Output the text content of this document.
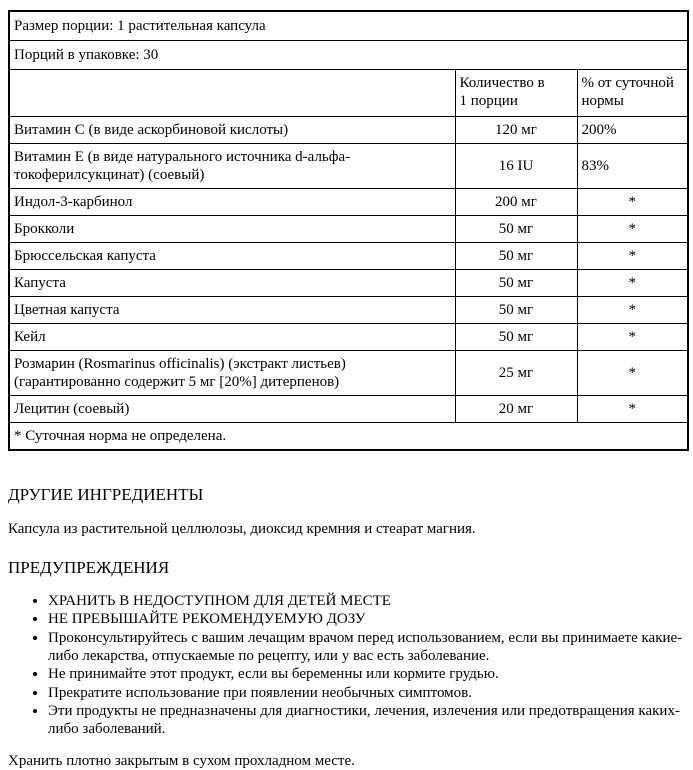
Размер порции: 1 растительная капсула		
Порций в упаковке: 30		
	Количество в 1 порции	% от суточной нормы
Витамин C (в виде аскорбиновой кислоты)	120 мг	200%
Витамин E (в виде натурального источника d-альфа-токоферилсукцинат) (соевый)	16 IU	83%
Индол-3-карбинол	200 мг	*
Брокколи	50 мг	*
Брюссельская капуста	50 мг	*
Капуста	50 мг	*
Цветная капуста	50 мг	*
Кейл	50 мг	*
Розмарин (Rosmarinus officinalis) (экстракт листьев) (гарантированно содержит 5 мг [20%] дитерпенов)	25 мг	*
Лецитин (соевый)	20 мг	*
* Суточная норма не определена.		
ДРУГИЕ ИНГРЕДИЕНТЫ

Капсула из растительной целлюлозы, диоксид кремния и стеарат магния.

ПРЕДУПРЕЖДЕНИЯ
• ХРАНИТЬ В НЕДОСТУПНОМ ДЛЯ ДЕТЕЙ МЕСТЕ
• НЕ ПРЕВЫШАЙТЕ РЕКОМЕНДУЕМУЮ ДОЗУ
• Проконсультируйтесь с вашим лечащим врачом перед использованием, если вы принимаете какие-либо лекарства, отпускаемые по рецепту, или у вас есть заболевание.
• Не принимайте этот продукт, если вы беременны или кормите грудью.
• Прекратите использование при появлении необычных симптомов.
• Эти продукты не предназначены для диагностики, лечения, излечения или предотвращения каких-либо заболеваний.

Хранить плотно закрытым в сухом прохладном месте.
